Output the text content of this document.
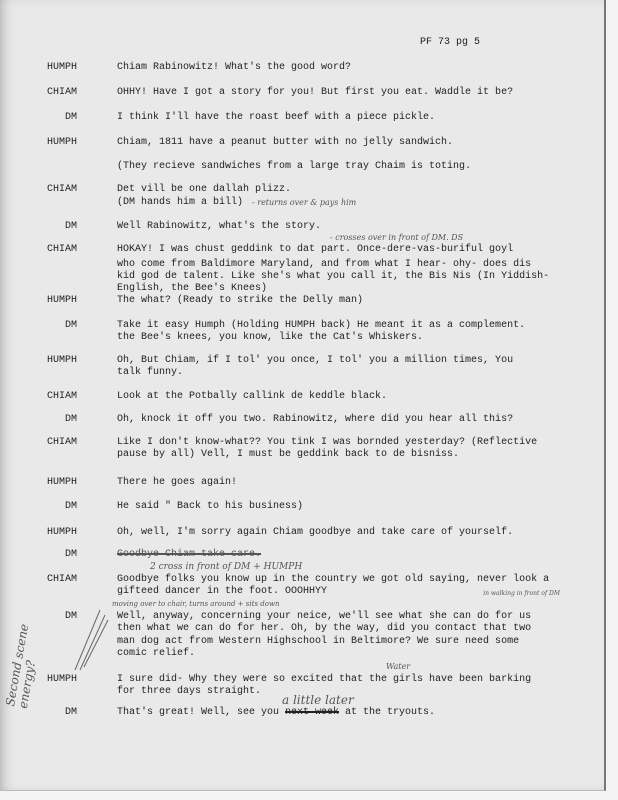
PF 73 pg 5
HUMPH	Chiam Rabinowitz! What's the good word?
CHIAM	OHHY! Have I got a story for you! But first you eat. Waddle it be?
DM	I think I'll have the roast beef with a piece pickle.
HUMPH	Chiam, 1811 have a peanut butter with no jelly sandwich.
(They recieve sandwiches from a large tray Chaim is toting.
CHIAM	Det vill be one dallah plizz.
(DM hands him a bill) - returns over & pays him
DM	Well Rabinowitz, what's the story.
- crosses over in front of DM. DS
CHIAM	HOKAY! I was chust geddink to dat part. Once-dere-vas-buriful goyl
who come from Baldimore Maryland, and from what I hear- ohy- does dis
kid god de talent. Like she's what you call it, the Bis Nis (In Yiddish-
English, the Bee's Knees)
HUMPH	The what? (Ready to strike the Delly man)
DM	Take it easy Humph (Holding HUMPH back) He meant it as a complement.
the Bee's knees, you know, like the Cat's Whiskers.
HUMPH	Oh, But Chiam, if I tol' you once, I tol' you a million times, You
talk funny.
CHIAM	Look at the Potbally callink de keddle black.
DM	Oh, knock it off you two. Rabinowitz, where did you hear all this?
CHIAM	Like I don't know-what?? You tink I was bornded yesterday? (Reflective
pause by all) Vell, I must be geddink back to de bisniss.
HUMPH	There he goes again!
DM	He said " Back to his business)
HUMPH	Oh, well, I'm sorry again Chiam goodbye and take care of yourself.
DM	Goodbye Chiam take care.
2 cross in front of DM + HUMPH
CHIAM	Goodbye folks you know up in the country we got old saying, never look a
gifteed dancer in the foot. OOOHHYY
moving over to chair, turns around + sits down
in walking in front of DM
DM	Well, anyway, concerning your neice, we'll see what she can do for us
then what we can do for her. Oh, by the way, did you contact that two
man dog act from Western Highschool in Beltimore? We sure need some
comic relief.
Second scene energy?	Water
HUMPH	I sure did- Why they were so excited that the girls have been barking
for three days straight.
a little later
DM	That's great! Well, see you next week at the tryouts.
